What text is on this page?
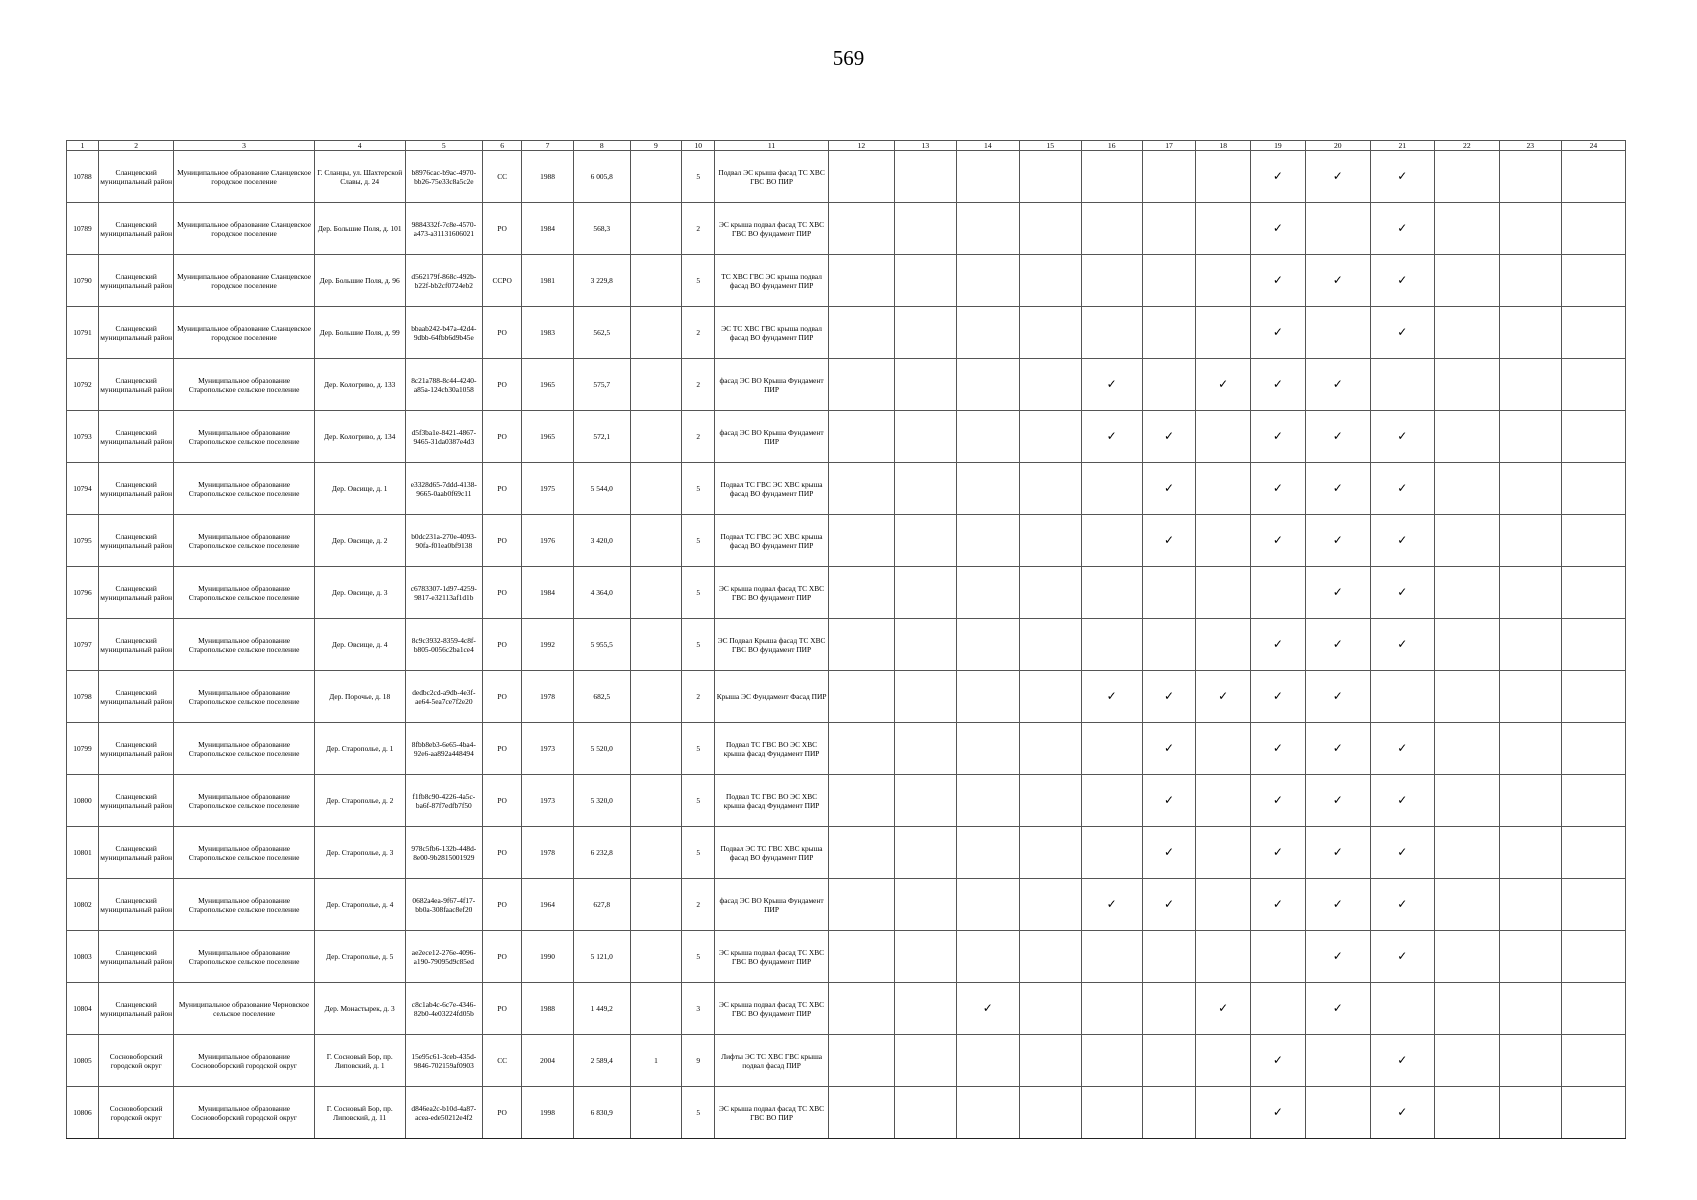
569
1	2	3	4	5	6	7	8	9	10	11	12	13	14	15	16	17	18	19	20	21	22	23	24
10788	Сланцевский муниципальный район	Муниципальное образование Сланцевское городское поселение	Г. Сланцы, ул. Шахтерской Славы, д. 24	b8976cac-b9ac-4970-bb26-75e33c8a5c2e	СС	1988	6 005,8		5	Подвал ЭС крыша фасад ТС ХВС ГВС ВО ПИР								✓	✓	✓			
10789	Сланцевский муниципальный район	Муниципальное образование Сланцевское городское поселение	Дер. Большие Поля, д. 101	9884332f-7c8e-4570-a473-a31131606021	РО	1984	568,3		2	ЭС крыша подвал фасад ТС ХВС ГВС ВО фундамент ПИР								✓		✓			
10790	Сланцевский муниципальный район	Муниципальное образование Сланцевское городское поселение	Дер. Большие Поля, д. 96	d562179f-868c-492b-b22f-bb2cf0724eb2	ССРО	1981	3 229,8		5	ТС ХВС ГВС ЭС крыша подвал фасад ВО фундамент ПИР								✓	✓	✓			
10791	Сланцевский муниципальный район	Муниципальное образование Сланцевское городское поселение	Дер. Большие Поля, д. 99	bbaab242-b47a-42d4-9dbb-64fbb6d9b45e	РО	1983	562,5		2	ЭС ТС ХВС ГВС крыша подвал фасад ВО фундамент ПИР								✓		✓			
10792	Сланцевский муниципальный район	Муниципальное образование Старопольское сельское поселение	Дер. Кологриво, д. 133	8c21a788-8c44-4240-a85a-124cb30a1058	РО	1965	575,7		2	фасад ЭС ВО Крыша Фундамент ПИР					✓		✓	✓	✓				
10793	Сланцевский муниципальный район	Муниципальное образование Старопольское сельское поселение	Дер. Кологриво, д. 134	d5f3ba1e-8421-4867-9465-31da0387e4d3	РО	1965	572,1		2	фасад ЭС ВО Крыша Фундамент ПИР					✓	✓		✓	✓	✓			
10794	Сланцевский муниципальный район	Муниципальное образование Старопольское сельское поселение	Дер. Овсище, д. 1	e3328d65-7ddd-4138-9665-0aab0f69c11	РО	1975	5 544,0		5	Подвал ТС ГВС ЭС ХВС крыша фасад ВО фундамент ПИР						✓		✓	✓	✓			
10795	Сланцевский муниципальный район	Муниципальное образование Старопольское сельское поселение	Дер. Овсище, д. 2	b0dc231a-270e-4093-90fa-f01ea0bf9138	РО	1976	3 420,0		5	Подвал ТС ГВС ЭС ХВС крыша фасад ВО фундамент ПИР						✓		✓	✓	✓			
10796	Сланцевский муниципальный район	Муниципальное образование Старопольское сельское поселение	Дер. Овсище, д. 3	c6783307-1d97-4259-9817-e32113af1d1b	РО	1984	4 364,0		5	ЭС крыша подвал фасад ТС ХВС ГВС ВО фундамент ПИР									✓	✓			
10797	Сланцевский муниципальный район	Муниципальное образование Старопольское сельское поселение	Дер. Овсище, д. 4	8c9c3932-8359-4c8f-b805-0056c2ba1ce4	РО	1992	5 955,5		5	ЭС Подвал Крыша фасад ТС ХВС ГВС ВО фундамент ПИР								✓	✓	✓			
10798	Сланцевский муниципальный район	Муниципальное образование Старопольское сельское поселение	Дер. Порочье, д. 18	dedbc2cd-a9db-4e3f-ae64-5ea7ce7f2e20	РО	1978	682,5		2	Крыша ЭС Фундамент Фасад ПИР					✓	✓	✓	✓	✓				
10799	Сланцевский муниципальный район	Муниципальное образование Старопольское сельское поселение	Дер. Старополье, д. 1	8fbb8eb3-6e65-4ba4-92e6-aa892a448494	РО	1973	5 520,0		5	Подвал ТС ГВС ВО ЭС ХВС крыша фасад Фундамент ПИР						✓		✓	✓	✓			
10800	Сланцевский муниципальный район	Муниципальное образование Старопольское сельское поселение	Дер. Старополье, д. 2	f1fb8c90-4226-4a5c-ba6f-87f7edfb7f50	РО	1973	5 320,0		5	Подвал ТС ГВС ВО ЭС ХВС крыша фасад Фундамент ПИР						✓		✓	✓	✓			
10801	Сланцевский муниципальный район	Муниципальное образование Старопольское сельское поселение	Дер. Старополье, д. 3	978c5fb6-132b-448d-8e00-9b2815001929	РО	1978	6 232,8		5	Подвал ЭС ТС ГВС ХВС крыша фасад ВО фундамент ПИР						✓		✓	✓	✓			
10802	Сланцевский муниципальный район	Муниципальное образование Старопольское сельское поселение	Дер. Старополье, д. 4	0682a4ea-9f67-4f17-bb0a-308faac8ef20	РО	1964	627,8		2	фасад ЭС ВО Крыша Фундамент ПИР					✓	✓		✓	✓	✓			
10803	Сланцевский муниципальный район	Муниципальное образование Старопольское сельское поселение	Дер. Старополье, д. 5	ae2ece12-276e-4096-a190-79095d9c85ed	РО	1990	5 121,0		5	ЭС крыша подвал фасад ТС ХВС ГВС ВО фундамент ПИР									✓	✓			
10804	Сланцевский муниципальный район	Муниципальное образование Черновское сельское поселение	Дер. Монастырек, д. 3	c8c1ab4c-6c7e-4346-82b0-4e03224fd05b	РО	1988	1 449,2		3	ЭС крыша подвал фасад ТС ХВС ГВС ВО фундамент ПИР			✓				✓		✓				
10805	Сосновоборский городской округ	Муниципальное образование Сосновоборский городской округ	Г. Сосновый Бор, пр. Липовский, д. 1	15e95c61-3ceb-435d-9846-702159af0903	СС	2004	2 589,4	1	9	Лифты ЭС ТС ХВС ГВС крыша подвал фасад ПИР								✓		✓			
10806	Сосновоборский городской округ	Муниципальное образование Сосновоборский городской округ	Г. Сосновый Бор, пр. Липовский, д. 11	d846ea2c-b10d-4a87-acea-ede50212e4f2	РО	1998	6 830,9		5	ЭС крыша подвал фасад ТС ХВС ГВС ВО ПИР								✓		✓			
